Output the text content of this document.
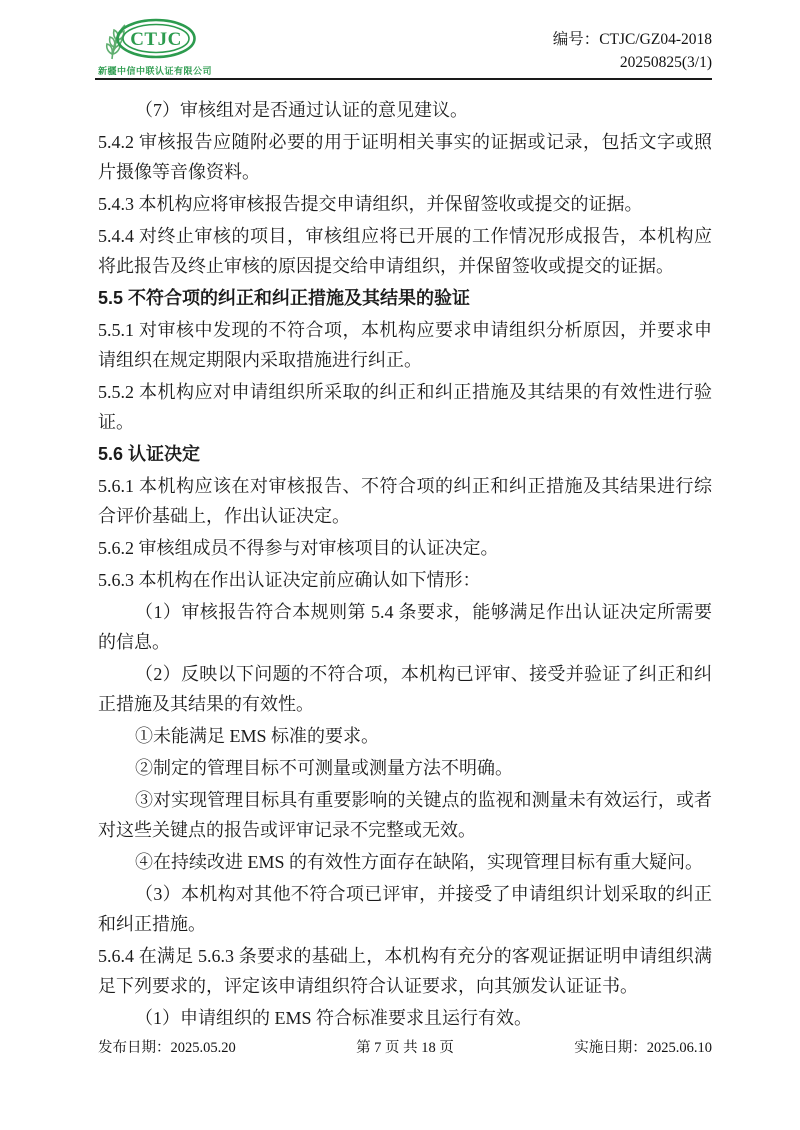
CTJC
新疆中信中联认证有限公司
编号：CTJC/GZ04-2018
20250825(3/1)

（7）审核组对是否通过认证的意见建议。

5.4.2 审核报告应随附必要的用于证明相关事实的证据或记录，包括文字或照片摄像等音像资料。

5.4.3 本机构应将审核报告提交申请组织，并保留签收或提交的证据。

5.4.4 对终止审核的项目，审核组应将已开展的工作情况形成报告，本机构应将此报告及终止审核的原因提交给申请组织，并保留签收或提交的证据。

5.5 不符合项的纠正和纠正措施及其结果的验证

5.5.1 对审核中发现的不符合项，本机构应要求申请组织分析原因，并要求申请组织在规定期限内采取措施进行纠正。

5.5.2 本机构应对申请组织所采取的纠正和纠正措施及其结果的有效性进行验证。

5.6 认证决定

5.6.1 本机构应该在对审核报告、不符合项的纠正和纠正措施及其结果进行综合评价基础上，作出认证决定。

5.6.2 审核组成员不得参与对审核项目的认证决定。

5.6.3 本机构在作出认证决定前应确认如下情形：

（1）审核报告符合本规则第 5.4 条要求，能够满足作出认证决定所需要的信息。

（2）反映以下问题的不符合项，本机构已评审、接受并验证了纠正和纠正措施及其结果的有效性。

①未能满足 EMS 标准的要求。

②制定的管理目标不可测量或测量方法不明确。

③对实现管理目标具有重要影响的关键点的监视和测量未有效运行，或者对这些关键点的报告或评审记录不完整或无效。

④在持续改进 EMS 的有效性方面存在缺陷，实现管理目标有重大疑问。

（3）本机构对其他不符合项已评审，并接受了申请组织计划采取的纠正和纠正措施。

5.6.4 在满足 5.6.3 条要求的基础上，本机构有充分的客观证据证明申请组织满足下列要求的，评定该申请组织符合认证要求，向其颁发认证证书。

（1）申请组织的 EMS 符合标准要求且运行有效。

发布日期：2025.05.20	第 7 页 共 18 页	实施日期：2025.06.10
